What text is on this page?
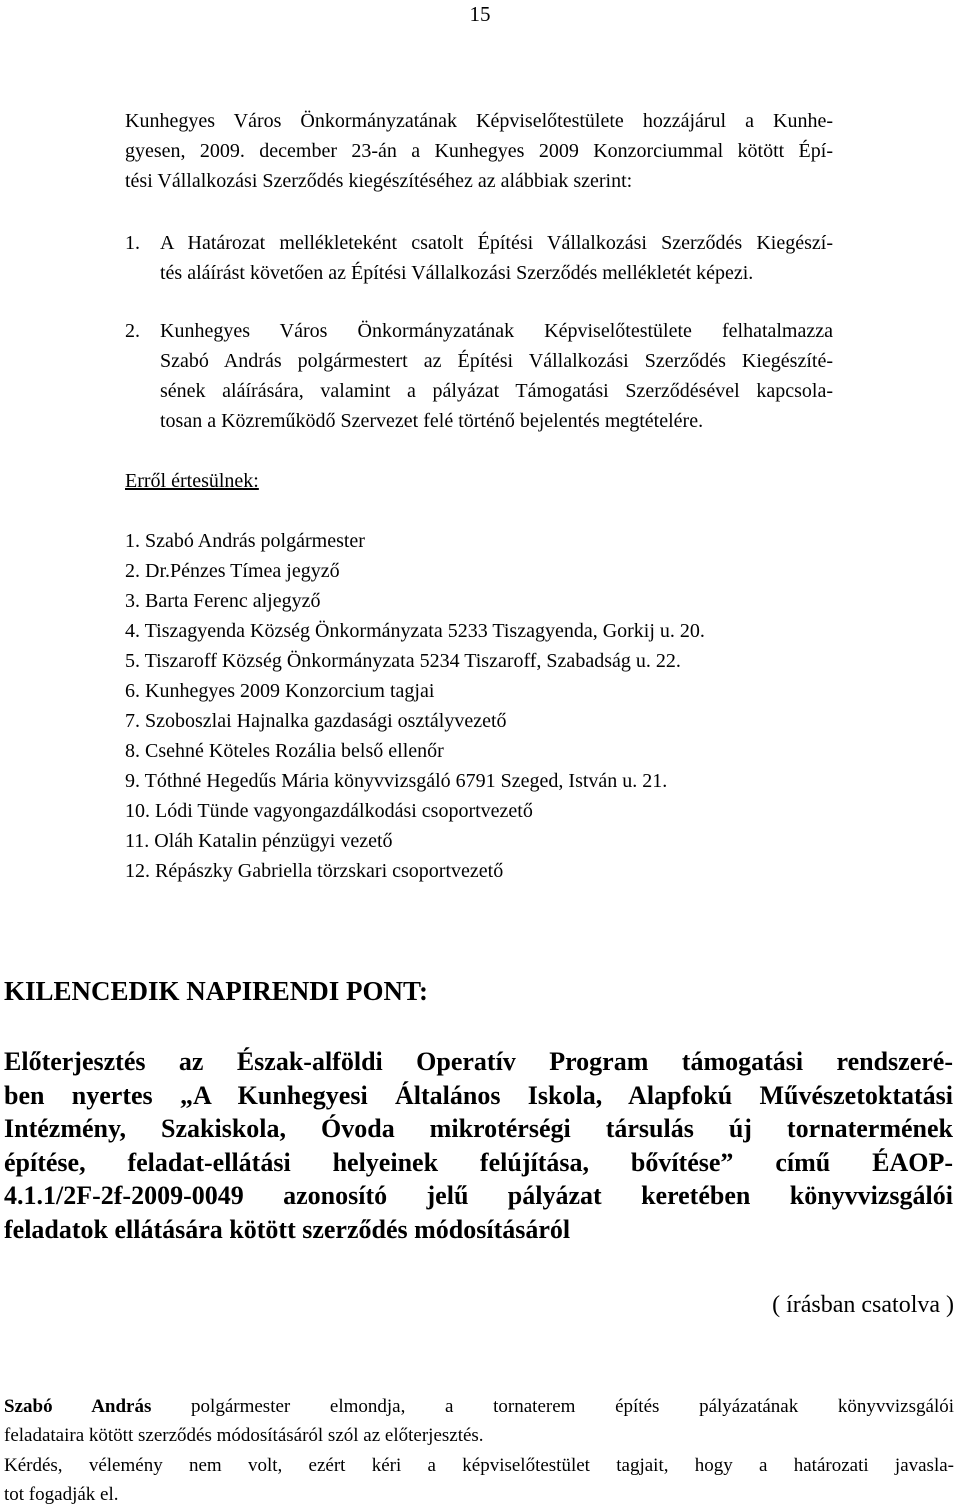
15
Kunhegyes Város Önkormányzatának Képviselőtestülete hozzájárul a Kunhe-
gyesen, 2009. december 23-án a Kunhegyes 2009 Konzorciummal kötött Épí-
tési Vállalkozási Szerződés kiegészítéséhez az alábbiak szerint:
1. A Határozat mellékleteként csatolt Építési Vállalkozási Szerződés Kiegészí-
tés aláírást követően az Építési Vállalkozási Szerződés mellékletét képezi.
2. Kunhegyes Város Önkormányzatának Képviselőtestülete felhatalmazza
Szabó András polgármestert az Építési Vállalkozási Szerződés Kiegészíté-
sének aláírására, valamint a pályázat Támogatási Szerződésével kapcsola-
tosan a Közreműködő Szervezet felé történő bejelentés megtételére.
Erről értesülnek:
1. Szabó András polgármester
2. Dr.Pénzes Tímea jegyző
3. Barta Ferenc aljegyző
4. Tiszagyenda Község Önkormányzata 5233 Tiszagyenda, Gorkij u. 20.
5. Tiszaroff Község Önkormányzata 5234 Tiszaroff, Szabadság u. 22.
6. Kunhegyes 2009 Konzorcium tagjai
7. Szoboszlai Hajnalka gazdasági osztályvezető
8. Csehné Köteles Rozália belső ellenőr
9. Tóthné Hegedűs Mária könyvvizsgáló 6791 Szeged, István u. 21.
10. Lódi Tünde vagyongazdálkodási csoportvezető
11. Oláh Katalin pénzügyi vezető
12. Répászky Gabriella törzskari csoportvezető
KILENCEDIK NAPIRENDI PONT:
Előterjesztés az Észak-alföldi Operatív Program támogatási rendszeré-
ben nyertes „A Kunhegyesi Általános Iskola, Alapfokú Művészetoktatási
Intézmény, Szakiskola, Óvoda mikrotérségi társulás új tornatermének
építése, feladat-ellátási helyeinek felújítása, bővítése” című ÉAOP-
4.1.1/2F-2f-2009-0049 azonosító jelű pályázat keretében könyvvizsgálói
feladatok ellátására kötött szerződés módosításáról
( írásban csatolva )
Szabó András polgármester elmondja, a tornaterem építés pályázatának könyvvizsgálói
feladataira kötött szerződés módosításáról szól az előterjesztés.
Kérdés, vélemény nem volt, ezért kéri a képviselőtestület tagjait, hogy a határozati javasla-
tot fogadják el.
